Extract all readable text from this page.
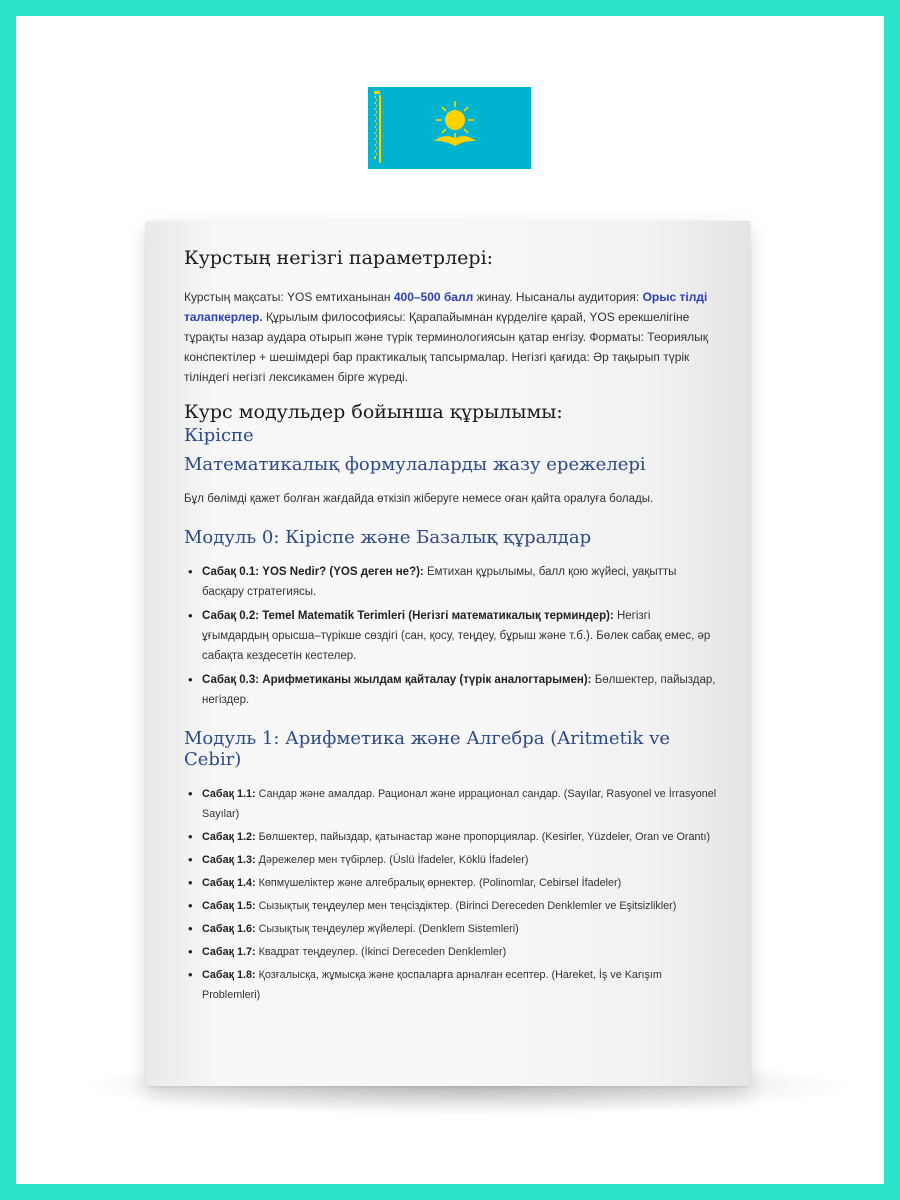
Курстың негізгі параметрлері:

Курстың мақсаты: YOS емтиханынан 400–500 балл жинау. Нысаналы аудитория: Орыс тілді талапкерлер. Құрылым философиясы: Қарапайымнан күрделіге қарай, YOS ерекшелігіне тұрақты назар аудара отырып және түрік терминологиясын қатар енгізу. Форматы: Теориялық конспектілер + шешімдері бар практикалық тапсырмалар. Негізгі қағида: Әр тақырып түрік тіліндегі негізгі лексикамен бірге жүреді.

Курс модульдер бойынша құрылымы:
Кіріспе
Математикалық формулаларды жазу ережелері

Бұл бөлімді қажет болған жағдайда өткізіп жіберуге немесе оған қайта оралуға болады.

Модуль 0: Кіріспе және Базалық құралдар
• Сабақ 0.1: YOS Nedir? (YOS деген не?): Емтихан құрылымы, балл қою жүйесі, уақытты басқару стратегиясы.
• Сабақ 0.2: Temel Matematik Terimleri (Негізгі математикалық терминдер): Негізгі ұғымдардың орысша–түрікше сөздігі (сан, қосу, теңдеу, бұрыш және т.б.). Бөлек сабақ емес, әр сабақта кездесетін кестелер.
• Сабақ 0.3: Арифметиканы жылдам қайталау (түрік аналогтарымен): Бөлшектер, пайыздар, негіздер.
Модуль 1: Арифметика және Алгебра (Aritmetik ve Cebir)
• Сабақ 1.1: Сандар және амалдар. Рационал және иррационал сандар. (Sayılar, Rasyonel ve İrrasyonel Sayılar)
• Сабақ 1.2: Бөлшектер, пайыздар, қатынастар және пропорциялар. (Kesirler, Yüzdeler, Oran ve Orantı)
• Сабақ 1.3: Дәрежелер мен түбірлер. (Üslü İfadeler, Köklü İfadeler)
• Сабақ 1.4: Көпмүшеліктер және алгебралық өрнектер. (Polinomlar, Cebirsel İfadeler)
• Сабақ 1.5: Сызықтық теңдеулер мен теңсіздіктер. (Birinci Dereceden Denklemler ve Eşitsizlikler)
• Сабақ 1.6: Сызықтық теңдеулер жүйелері. (Denklem Sistemleri)
• Сабақ 1.7: Квадрат теңдеулер. (İkinci Dereceden Denklemler)
• Сабақ 1.8: Қозғалысқа, жұмысқа және қоспаларға арналған есептер. (Hareket, İş ve Karışım Problemleri)
